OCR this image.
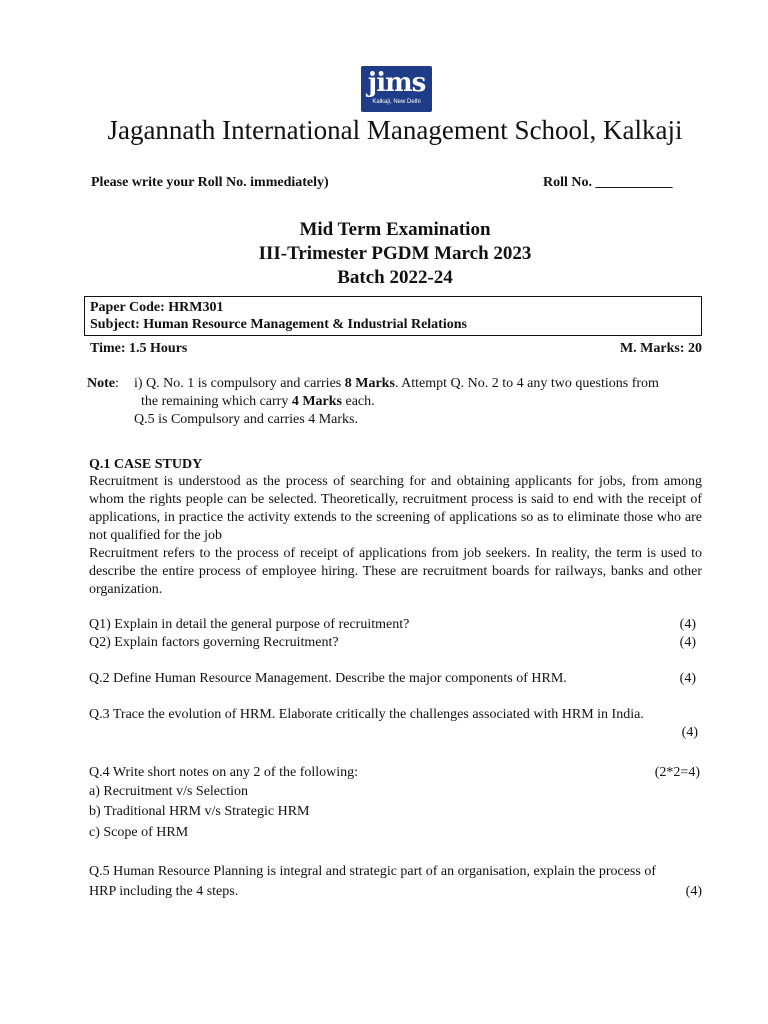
jims
Kalkaji, New Delhi
Jagannath International Management School, Kalkaji
Please write your Roll No. immediately)	Roll No. ___________
Mid Term Examination
III-Trimester PGDM March 2023
Batch 2022-24
Paper Code: HRM301
Subject: Human Resource Management & Industrial Relations
Time: 1.5 Hours	M. Marks: 20
Note: i) Q. No. 1 is compulsory and carries 8 Marks. Attempt Q. No. 2 to 4 any two questions from
the remaining which carry 4 Marks each.
Q.5 is Compulsory and carries 4 Marks.
Q.1 CASE STUDY

Recruitment is understood as the process of searching for and obtaining applicants for jobs, from among whom the rights people can be selected. Theoretically, recruitment process is said to end with the receipt of applications, in practice the activity extends to the screening of applications so as to eliminate those who are not qualified for the job

Recruitment refers to the process of receipt of applications from job seekers. In reality, the term is used to describe the entire process of employee hiring. These are recruitment boards for railways, banks and other organization.

Q1) Explain in detail the general purpose of recruitment?	(4)
Q2) Explain factors governing Recruitment?	(4)
Q.2 Define Human Resource Management. Describe the major components of HRM.	(4)
Q.3 Trace the evolution of HRM. Elaborate critically the challenges associated with HRM in India.
(4)
Q.4 Write short notes on any 2 of the following:	(2*2=4)
a) Recruitment v/s Selection
b) Traditional HRM v/s Strategic HRM
c) Scope of HRM
Q.5 Human Resource Planning is integral and strategic part of an organisation, explain the process of
HRP including the 4 steps.	(4)
